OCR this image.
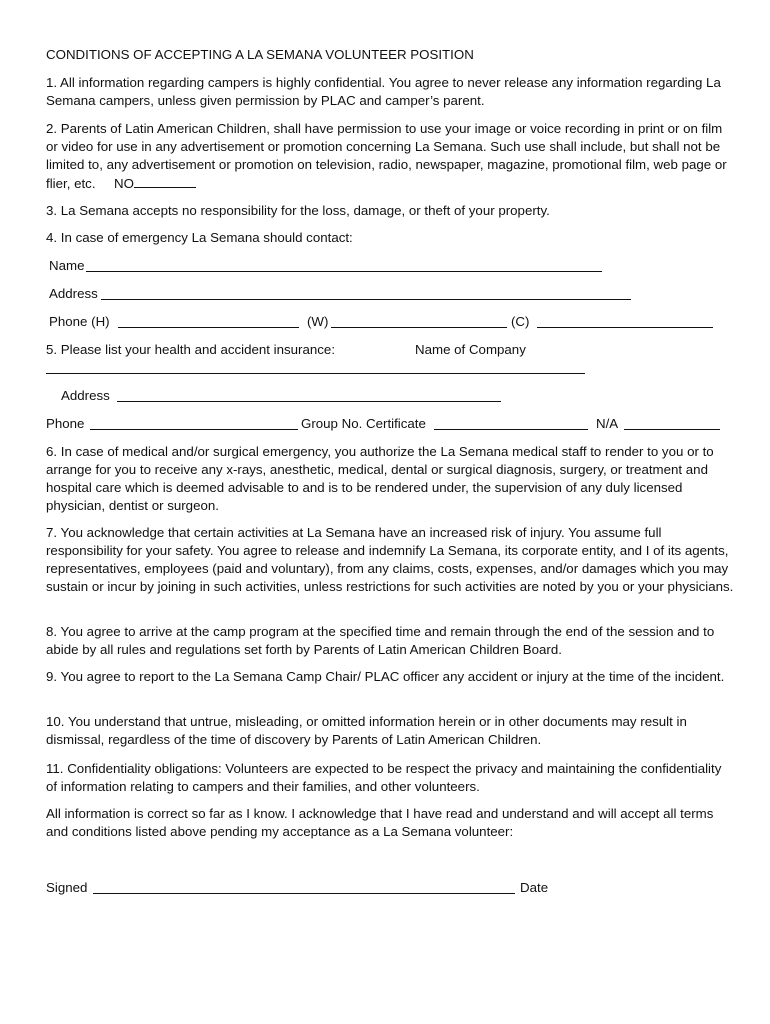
CONDITIONS OF ACCEPTING A LA SEMANA VOLUNTEER POSITION
1. All information regarding campers is highly confidential. You agree to never release any information regarding La Semana campers, unless given permission by PLAC and camper’s parent.
2. Parents of Latin American Children, shall have permission to use your image or voice recording in print or on film or video for use in any advertisement or promotion concerning La Semana. Such use shall include, but shall not be limited to, any advertisement or promotion on television, radio, newspaper, magazine, promotional film, web page or flier, etc. NO
3. La Semana accepts no responsibility for the loss, damage, or theft of your property.
4. In case of emergency La Semana should contact:
Name
Address
Phone (H)	(W)	(C)
5. Please list your health and accident insurance:	Name of Company
Address
Phone	Group No. Certificate	N/A
6. In case of medical and/or surgical emergency, you authorize the La Semana medical staff to render to you or to arrange for you to receive any x-rays, anesthetic, medical, dental or surgical diagnosis, surgery, or treatment and hospital care which is deemed advisable to and is to be rendered under, the supervision of any duly licensed physician, dentist or surgeon.
7. You acknowledge that certain activities at La Semana have an increased risk of injury. You assume full responsibility for your safety. You agree to release and indemnify La Semana, its corporate entity, and I of its agents, representatives, employees (paid and voluntary), from any claims, costs, expenses, and/or damages which you may sustain or incur by joining in such activities, unless restrictions for such activities are noted by you or your physicians.
8. You agree to arrive at the camp program at the specified time and remain through the end of the session and to abide by all rules and regulations set forth by Parents of Latin American Children Board.
9. You agree to report to the La Semana Camp Chair/ PLAC officer any accident or injury at the time of the incident.
10. You understand that untrue, misleading, or omitted information herein or in other documents may result in dismissal, regardless of the time of discovery by Parents of Latin American Children.
11. Confidentiality obligations: Volunteers are expected to be respect the privacy and maintaining the confidentiality of information relating to campers and their families, and other volunteers.
All information is correct so far as I know. I acknowledge that I have read and understand and will accept all terms and conditions listed above pending my acceptance as a La Semana volunteer:
Signed	Date
